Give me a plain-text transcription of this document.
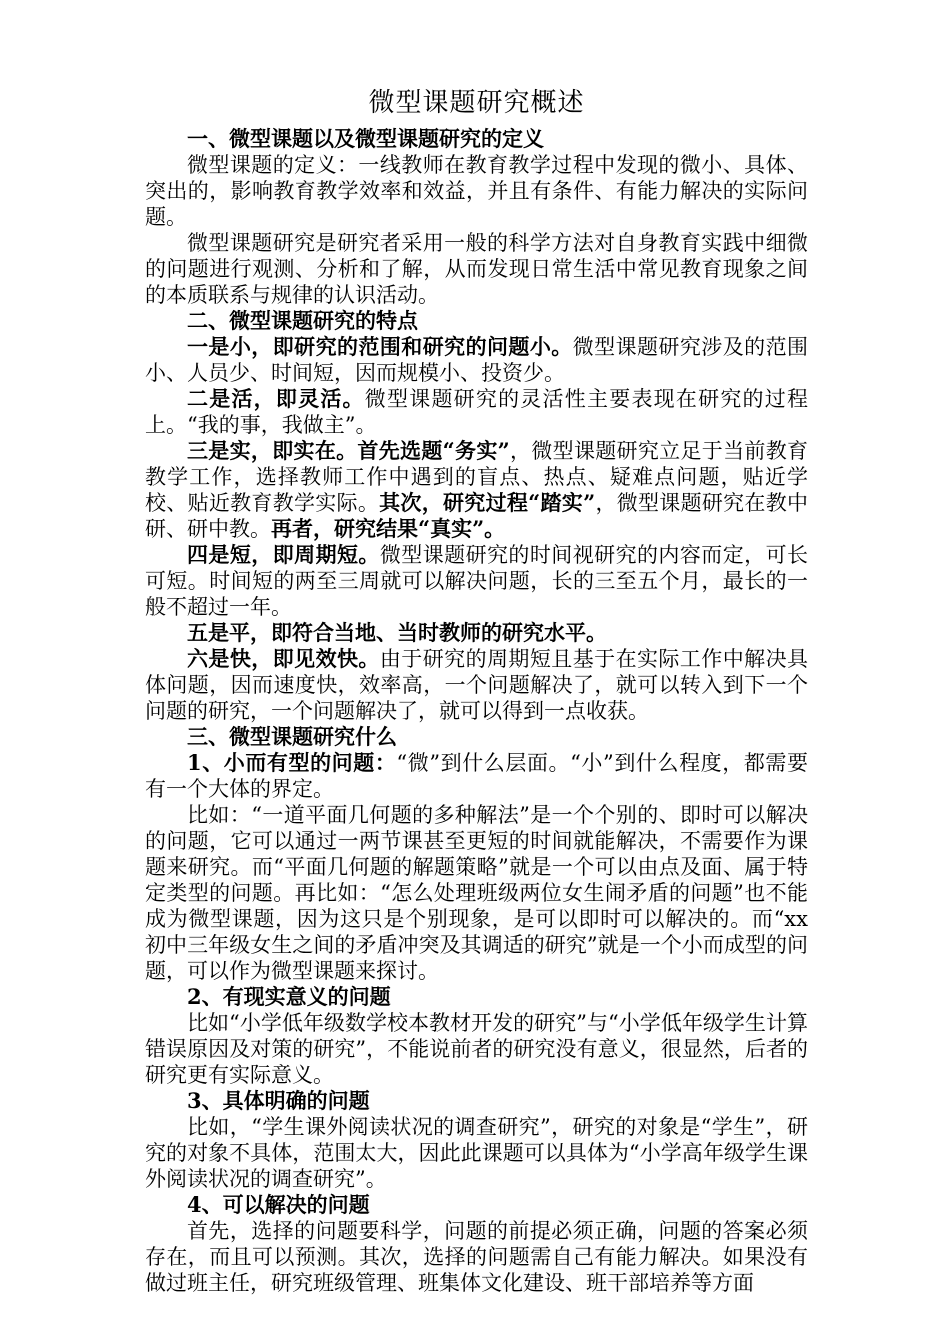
微型课题研究概述
一、微型课题以及微型课题研究的定义

微型课题的定义：一线教师在教育教学过程中发现的微小、具体、突出的，影响教育教学效率和效益，并且有条件、有能力解决的实际问题。

微型课题研究是研究者采用一般的科学方法对自身教育实践中细微的问题进行观测、分析和了解，从而发现日常生活中常见教育现象之间的本质联系与规律的认识活动。

二、微型课题研究的特点

一是小，即研究的范围和研究的问题小。微型课题研究涉及的范围小、人员少、时间短，因而规模小、投资少。

二是活，即灵活。微型课题研究的灵活性主要表现在研究的过程上。“我的事，我做主”。

三是实，即实在。首先选题“务实”，微型课题研究立足于当前教育教学工作，选择教师工作中遇到的盲点、热点、疑难点问题，贴近学校、贴近教育教学实际。其次，研究过程“踏实”，微型课题研究在教中研、研中教。再者，研究结果“真实”。

四是短，即周期短。微型课题研究的时间视研究的内容而定，可长可短。时间短的两至三周就可以解决问题，长的三至五个月，最长的一般不超过一年。

五是平，即符合当地、当时教师的研究水平。

六是快，即见效快。由于研究的周期短且基于在实际工作中解决具体问题，因而速度快，效率高，一个问题解决了，就可以转入到下一个问题的研究，一个问题解决了，就可以得到一点收获。

三、微型课题研究什么

1、小而有型的问题：“微”到什么层面。“小”到什么程度，都需要有一个大体的界定。

比如：“一道平面几何题的多种解法”是一个个别的、即时可以解决的问题，它可以通过一两节课甚至更短的时间就能解决，不需要作为课题来研究。而“平面几何题的解题策略”就是一个可以由点及面、属于特定类型的问题。再比如：“怎么处理班级两位女生闹矛盾的问题”也不能成为微型课题，因为这只是个别现象，是可以即时可以解决的。而“xx 初中三年级女生之间的矛盾冲突及其调适的研究”就是一个小而成型的问题，可以作为微型课题来探讨。

2、有现实意义的问题

比如“小学低年级数学校本教材开发的研究”与“小学低年级学生计算错误原因及对策的研究”，不能说前者的研究没有意义，很显然，后者的研究更有实际意义。

3、具体明确的问题

比如，“学生课外阅读状况的调查研究”，研究的对象是“学生”，研究的对象不具体，范围太大，因此此课题可以具体为“小学高年级学生课外阅读状况的调查研究”。

4、可以解决的问题

首先，选择的问题要科学，问题的前提必须正确，问题的答案必须存在，而且可以预测。其次，选择的问题需自己有能力解决。如果没有做过班主任，研究班级管理、班集体文化建设、班干部培养等方面
